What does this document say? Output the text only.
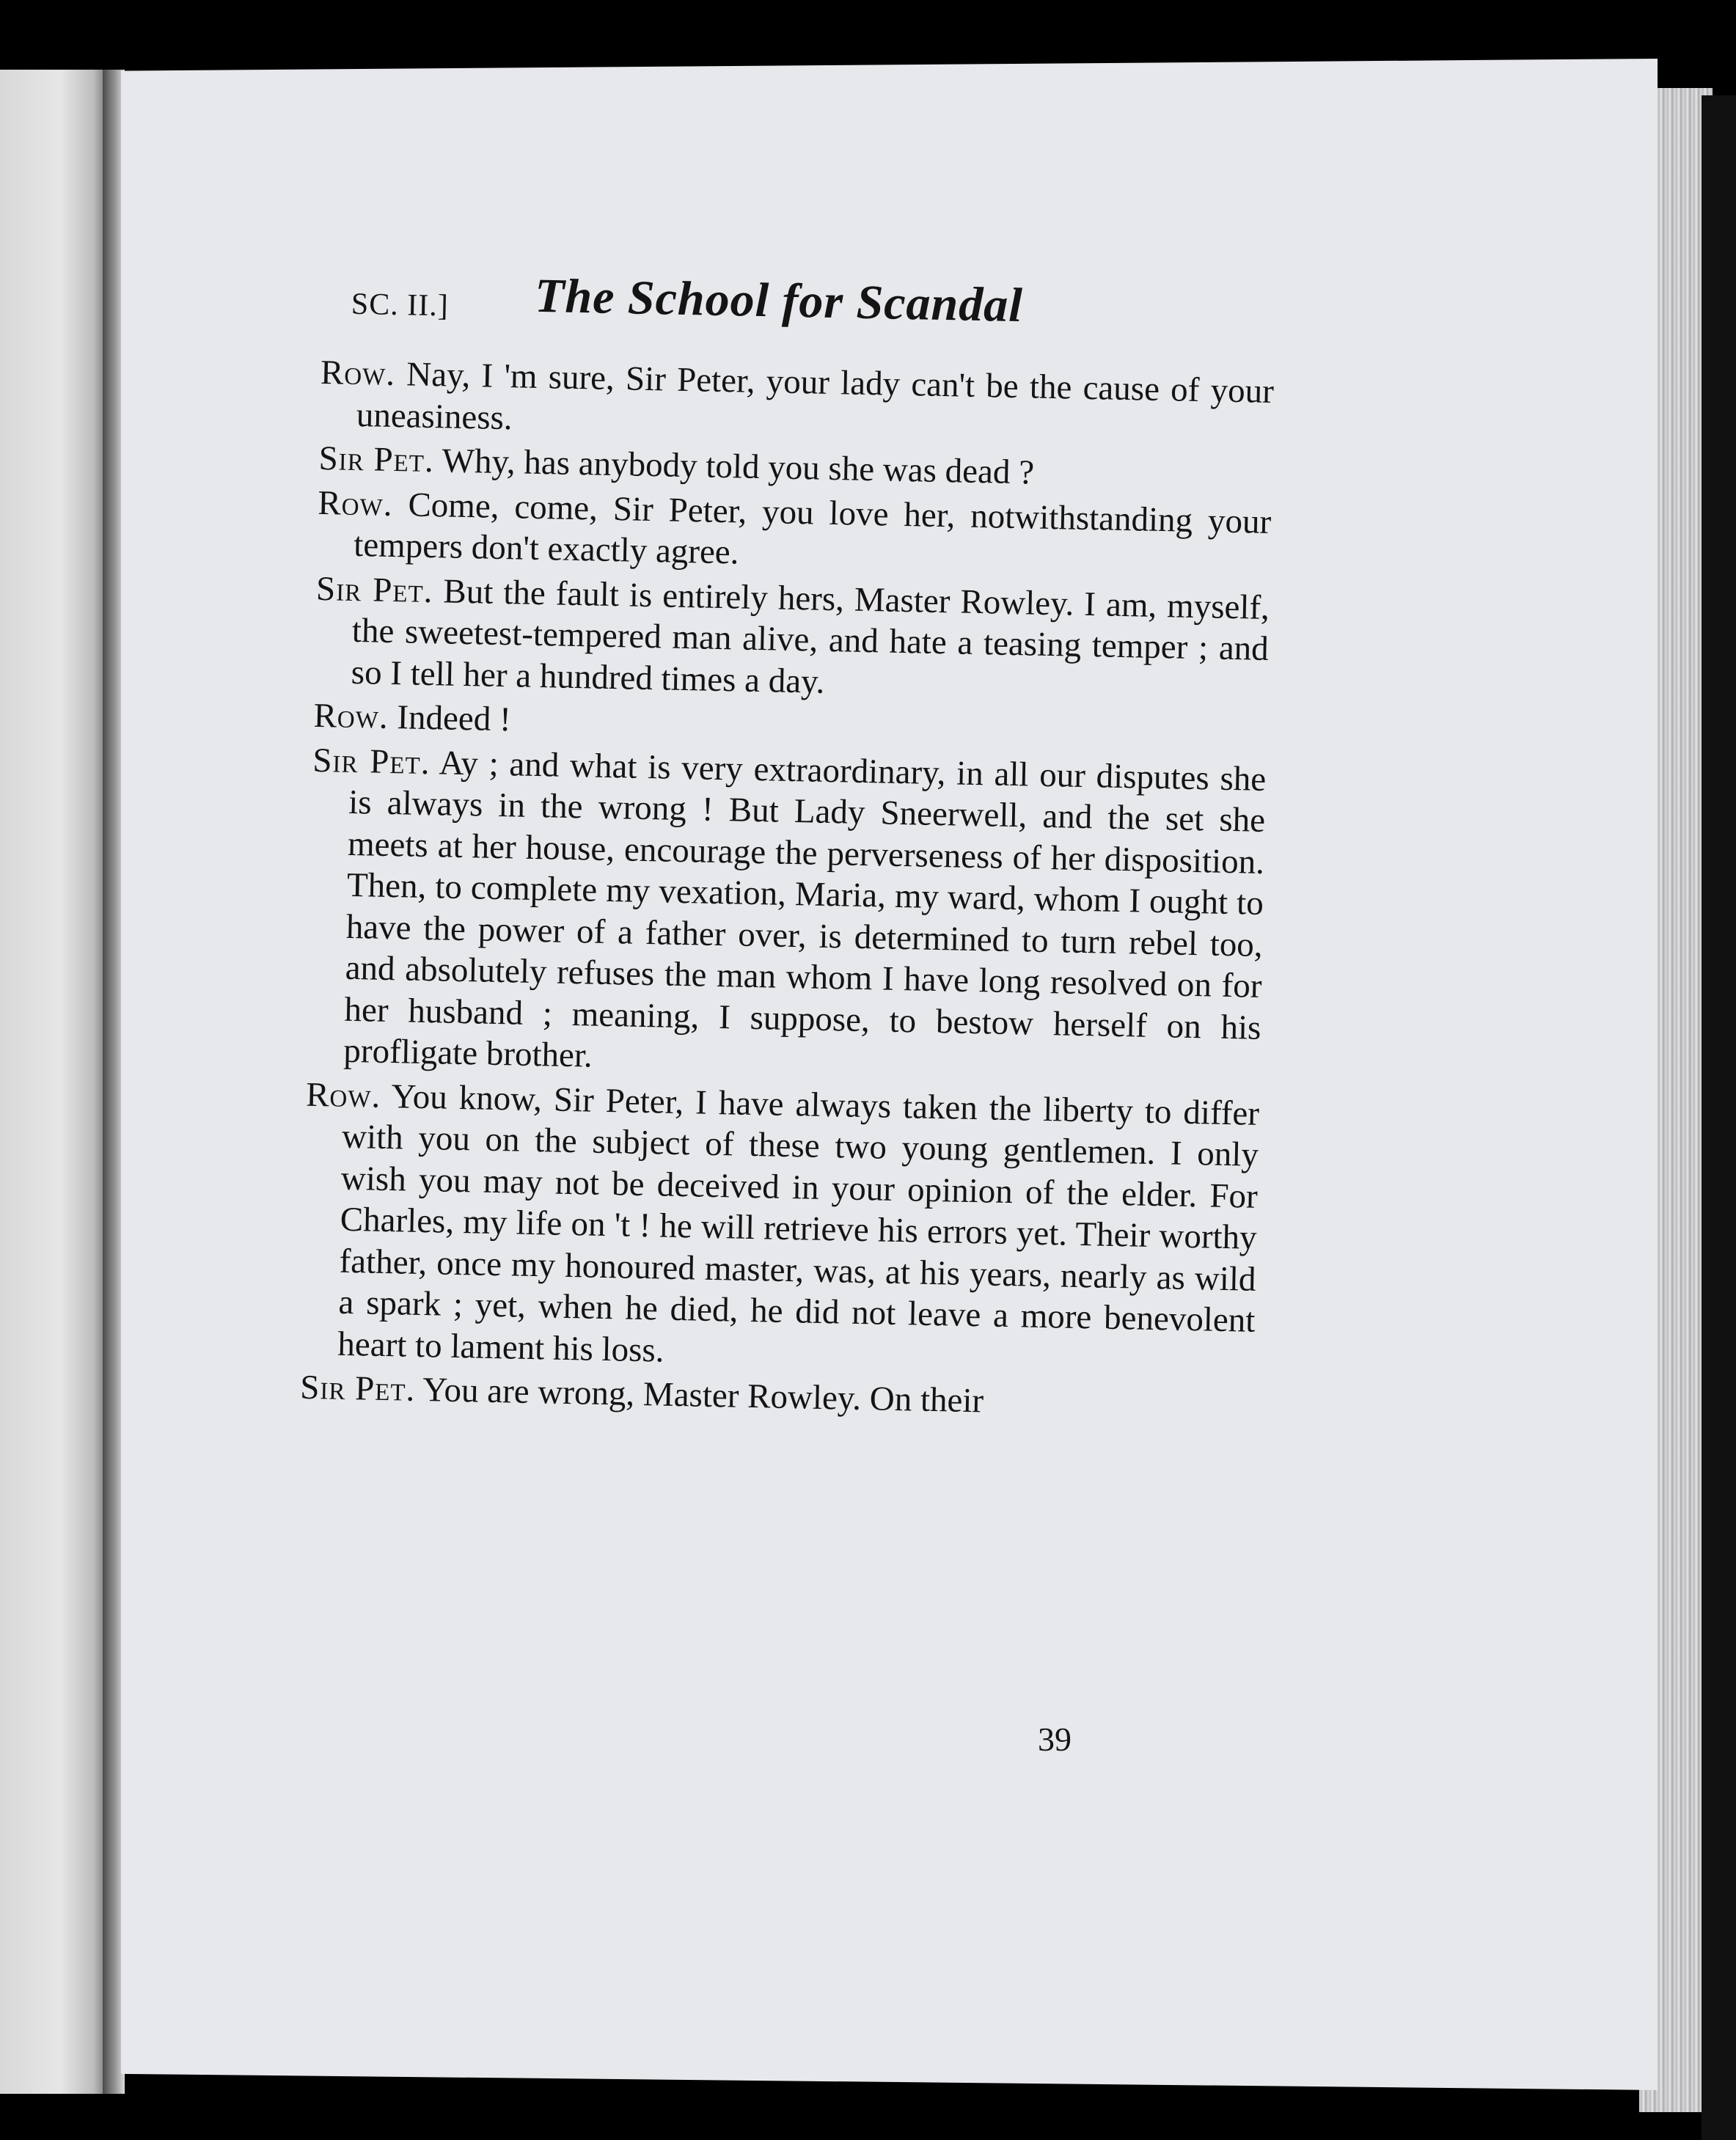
SC. II.] The School for Scandal

Row. Nay, I 'm sure, Sir Peter, your lady can't be the cause of your uneasiness.

Sir Pet. Why, has anybody told you she was dead ?

Row. Come, come, Sir Peter, you love her, notwithstanding your tempers don't exactly agree.

Sir Pet. But the fault is entirely hers, Master Rowley. I am, myself, the sweetest-tempered man alive, and hate a teasing temper ; and so I tell her a hundred times a day.

Row. Indeed !

Sir Pet. Ay ; and what is very extraordinary, in all our disputes she is always in the wrong ! But Lady Sneerwell, and the set she meets at her house, encourage the perverseness of her disposition. Then, to complete my vexation, Maria, my ward, whom I ought to have the power of a father over, is determined to turn rebel too, and absolutely refuses the man whom I have long resolved on for her husband ; meaning, I suppose, to bestow herself on his profligate brother.

Row. You know, Sir Peter, I have always taken the liberty to differ with you on the subject of these two young gentlemen. I only wish you may not be deceived in your opinion of the elder. For Charles, my life on 't ! he will retrieve his errors yet. Their worthy father, once my honoured master, was, at his years, nearly as wild a spark ; yet, when he died, he did not leave a more benevolent heart to lament his loss.

Sir Pet. You are wrong, Master Rowley. On their

39
